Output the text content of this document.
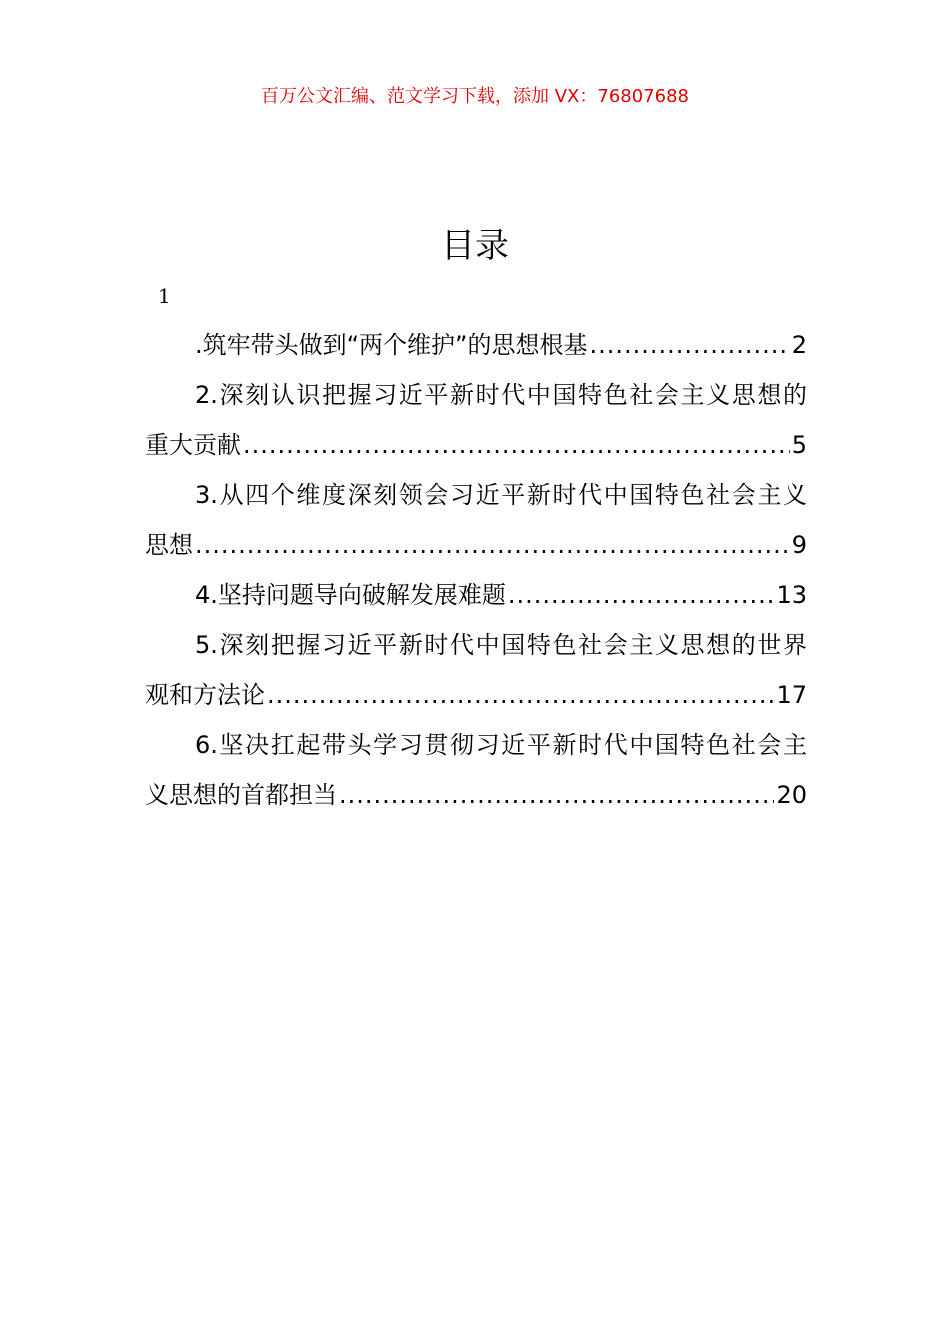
百万公文汇编、范文学习下载，添加 VX：76807688
目录
1
.筑牢带头做到“两个维护”的思想根基 .....	2
2.深刻认识把握习近平新时代中国特色社会主义思想的
重大贡献 .....	5
3.从四个维度深刻领会习近平新时代中国特色社会主义
思想 .....	9
4.坚持问题导向破解发展难题 .....	13
5.深刻把握习近平新时代中国特色社会主义思想的世界
观和方法论 .....	17
6.坚决扛起带头学习贯彻习近平新时代中国特色社会主
义思想的首都担当 .....	20
